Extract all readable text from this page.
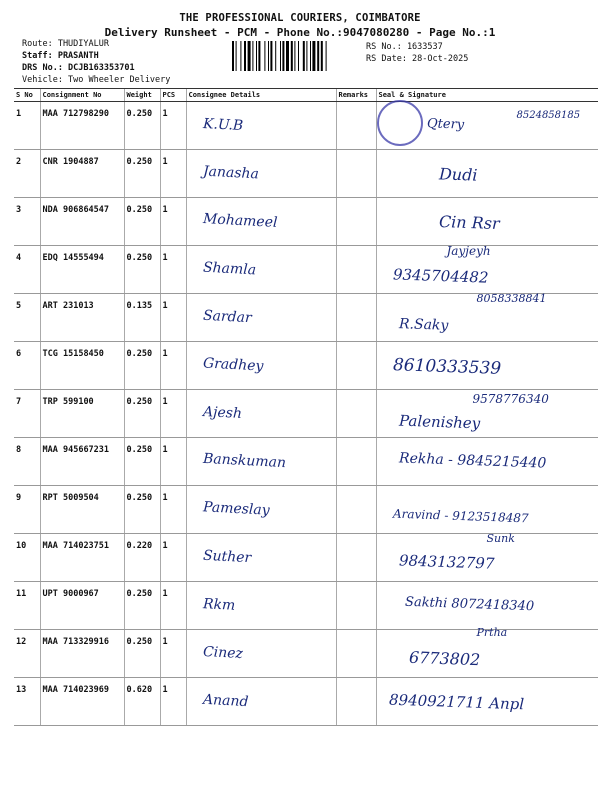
THE PROFESSIONAL COURIERS, COIMBATORE
Delivery Runsheet - PCM - Phone No.:9047080280 - Page No.:1
Route: THUDIYALUR
Staff: PRASANTH
DRS No.: DCJB163353701
Vehicle: Two Wheeler Delivery
RS No.: 1633537
RS Date: 28-Oct-2025
S No	Consignment No	Weight	PCS	Consignee Details	Remarks	Seal & Signature
1	MAA 712798290	0.250	1	K.U.B		Qtery
8524858185

2	CNR 1904887	0.250	1	Janasha		Dudi
3	NDA 906864547	0.250	1	Mohameel		Cin Rsr
4	EDQ 14555494	0.250	1	Shamla		Jayjeyh
9345704482
5	ART 231013	0.135	1	Sardar		8058338841
R.Saky
6	TCG 15158450	0.250	1	Gradhey		8610333539
7	TRP 599100	0.250	1	Ajesh		9578776340
Palenishey
8	MAA 945667231	0.250	1	Banskuman		Rekha - 9845215440
9	RPT 5009504	0.250	1	Pameslay		Aravind - 9123518487
10	MAA 714023751	0.220	1	Suther		Sunk
9843132797
11	UPT 9000967	0.250	1	Rkm		Sakthi 8072418340
12	MAA 713329916	0.250	1	Cinez		Prtha
6773802
13	MAA 714023969	0.620	1	Anand		8940921711 Anpl
